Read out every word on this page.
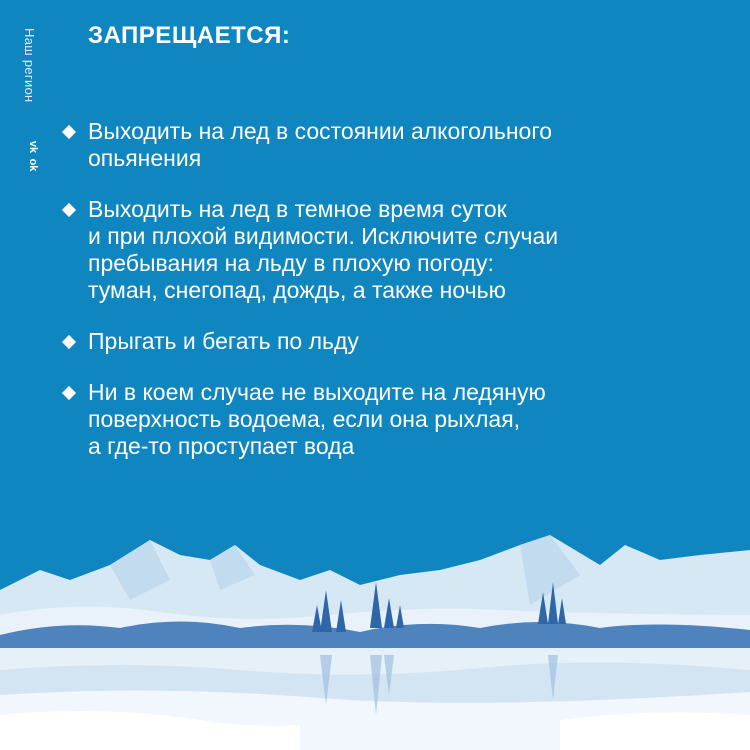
Наш регион
vk
ok
ЗАПРЕЩАЕТСЯ:
Выходить на лед в состоянии алкогольного
опьянения
Выходить на лед в темное время суток
и при плохой видимости. Исключите случаи
пребывания на льду в плохую погоду:
туман, снегопад, дождь, а также ночью
Прыгать и бегать по льду
Ни в коем случае не выходите на ледяную
поверхность водоема, если она рыхлая,
а где-то проступает вода
